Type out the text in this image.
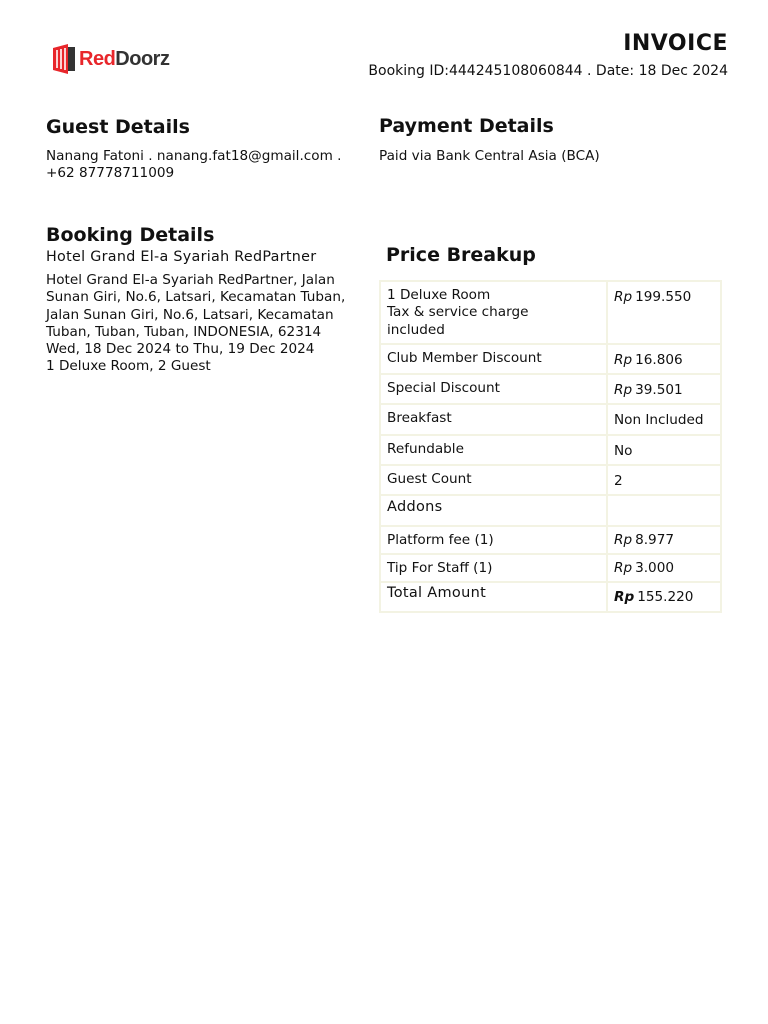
RedDoorz
INVOICE
Booking ID:444245108060844 . Date: 18 Dec 2024
Guest Details
Nanang Fatoni . nanang.fat18@gmail.com .
+62 87778711009
Payment Details
Paid via Bank Central Asia (BCA)
Booking Details
Hotel Grand El-a Syariah RedPartner
Hotel Grand El-a Syariah RedPartner, Jalan
Sunan Giri, No.6, Latsari, Kecamatan Tuban,
Jalan Sunan Giri, No.6, Latsari, Kecamatan
Tuban, Tuban, Tuban, INDONESIA, 62314
Wed, 18 Dec 2024 to Thu, 19 Dec 2024
1 Deluxe Room, 2 Guest
Price Breakup
1 Deluxe Room
Tax & service charge
included	Rp 199.550
Club Member Discount	Rp 16.806
Special Discount	Rp 39.501
Breakfast	Non Included
Refundable	No
Guest Count	2
Addons	
Platform fee (1)	Rp 8.977
Tip For Staff (1)	Rp 3.000
Total Amount	Rp 155.220
